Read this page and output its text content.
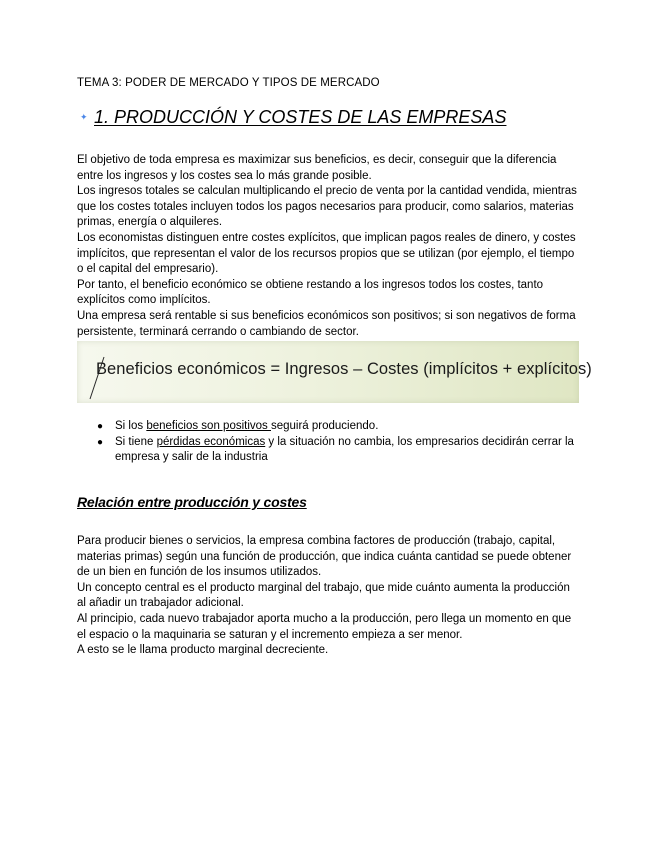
TEMA 3: PODER DE MERCADO Y TIPOS DE MERCADO
✦ 1. PRODUCCIÓN Y COSTES DE LAS EMPRESAS

El objetivo de toda empresa es maximizar sus beneficios, es decir, conseguir que la diferencia entre los ingresos y los costes sea lo más grande posible.

Los ingresos totales se calculan multiplicando el precio de venta por la cantidad vendida, mientras que los costes totales incluyen todos los pagos necesarios para producir, como salarios, materias primas, energía o alquileres.

Los economistas distinguen entre costes explícitos, que implican pagos reales de dinero, y costes implícitos, que representan el valor de los recursos propios que se utilizan (por ejemplo, el tiempo o el capital del empresario).

Por tanto, el beneficio económico se obtiene restando a los ingresos todos los costes, tanto explícitos como implícitos.

Una empresa será rentable si sus beneficios económicos son positivos; si son negativos de forma persistente, terminará cerrando o cambiando de sector.

Beneficios económicos = Ingresos – Costes (implícitos + explícitos)
● Si los beneficios son positivos seguirá produciendo.
● Si tiene pérdidas económicas y la situación no cambia, los empresarios decidirán cerrar la empresa y salir de la industria
Relación entre producción y costes

Para producir bienes o servicios, la empresa combina factores de producción (trabajo, capital, materias primas) según una función de producción, que indica cuánta cantidad se puede obtener de un bien en función de los insumos utilizados.

Un concepto central es el producto marginal del trabajo, que mide cuánto aumenta la producción al añadir un trabajador adicional.

Al principio, cada nuevo trabajador aporta mucho a la producción, pero llega un momento en que el espacio o la maquinaria se saturan y el incremento empieza a ser menor.

A esto se le llama producto marginal decreciente.
